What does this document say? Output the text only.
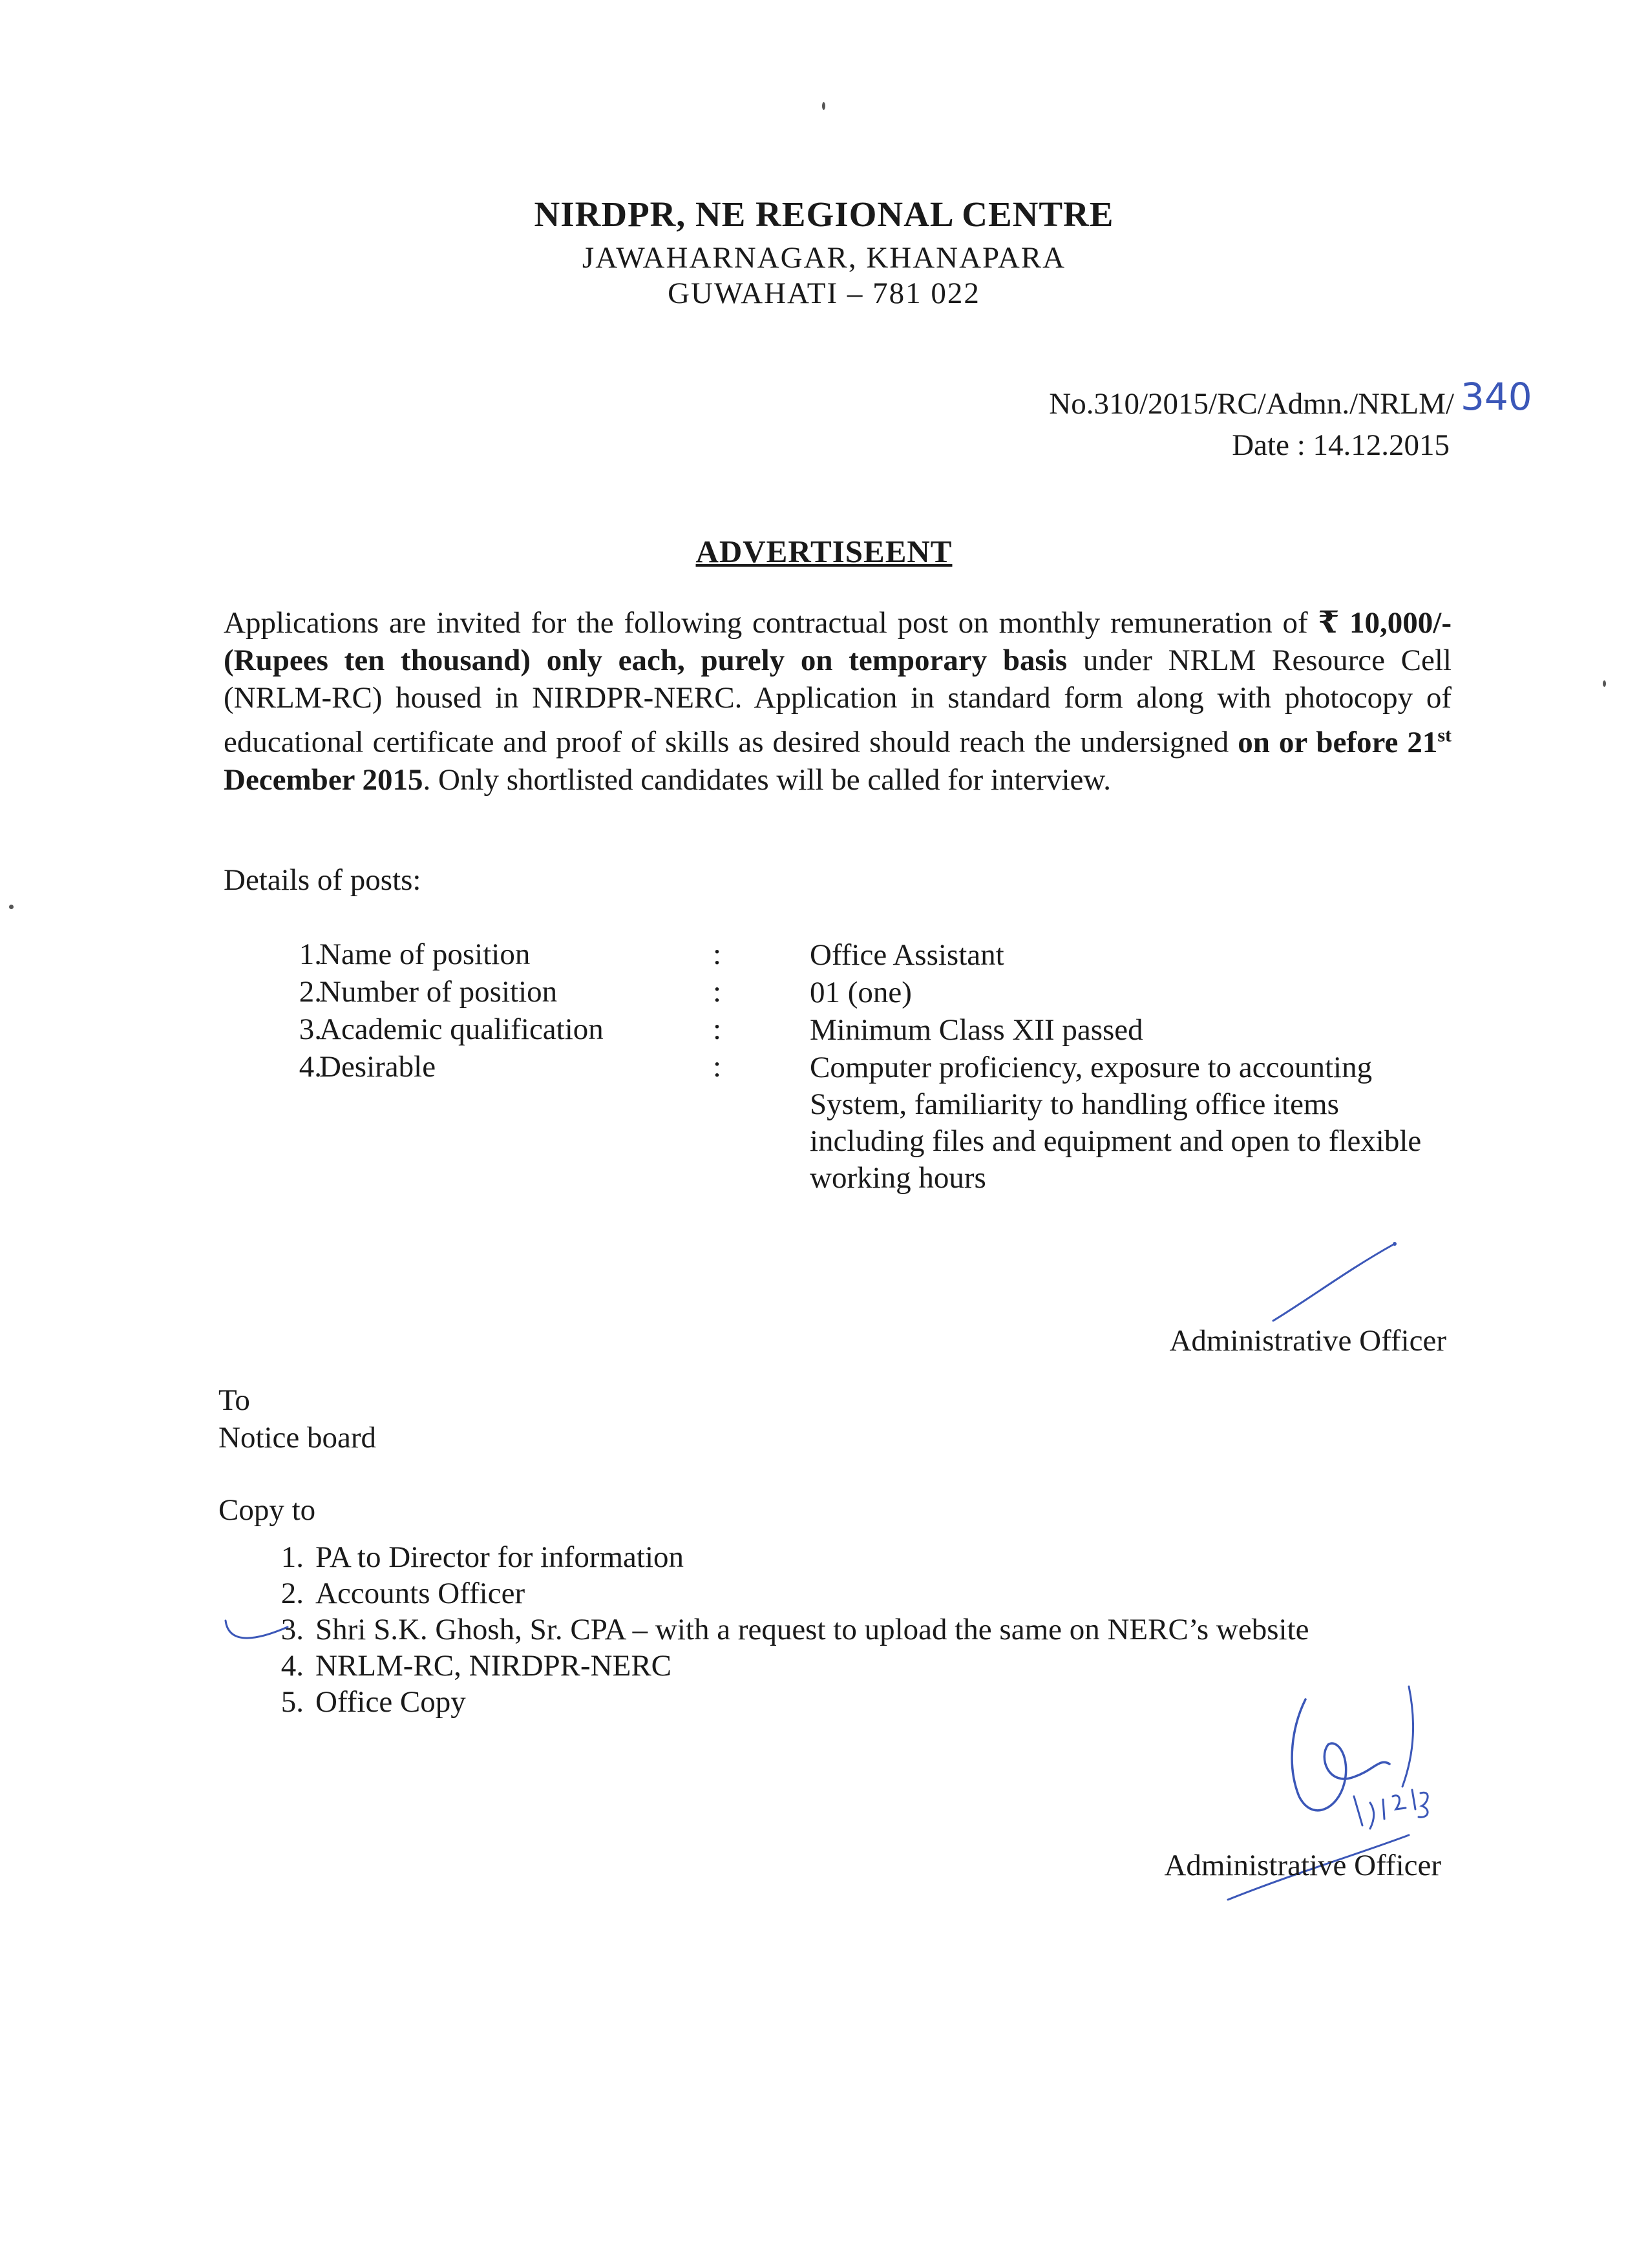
NIRDPR, NE REGIONAL CENTRE
JAWAHARNAGAR, KHANAPARA
GUWAHATI – 781 022
No.310/2015/RC/Admn./NRLM/ 340
Date : 14.12.2015
ADVERTISEENT
Applications are invited for the following contractual post on monthly remuneration of ₹ 10,000/- (Rupees ten thousand) only each, purely on temporary basis under NRLM Resource Cell (NRLM-RC) housed in NIRDPR-NERC. Application in standard form along with photocopy of educational certificate and proof of skills as desired should reach the undersigned on or before 21st December 2015. Only shortlisted candidates will be called for interview.
Details of posts:
1.
Name of position	:	Office Assistant
2.
Number of position	:	01 (one)
3.
Academic qualification	:	Minimum Class XII passed
4.
Desirable	:	Computer proficiency, exposure to accounting System, familiarity to handling office items including files and equipment and open to flexible working hours
Administrative Officer
To
Notice board
Copy to
1. PA to Director for information
2. Accounts Officer
3. Shri S.K. Ghosh, Sr. CPA – with a request to upload the same on NERC’s website
4. NRLM-RC, NIRDPR-NERC
5. Office Copy
Administrative Officer
